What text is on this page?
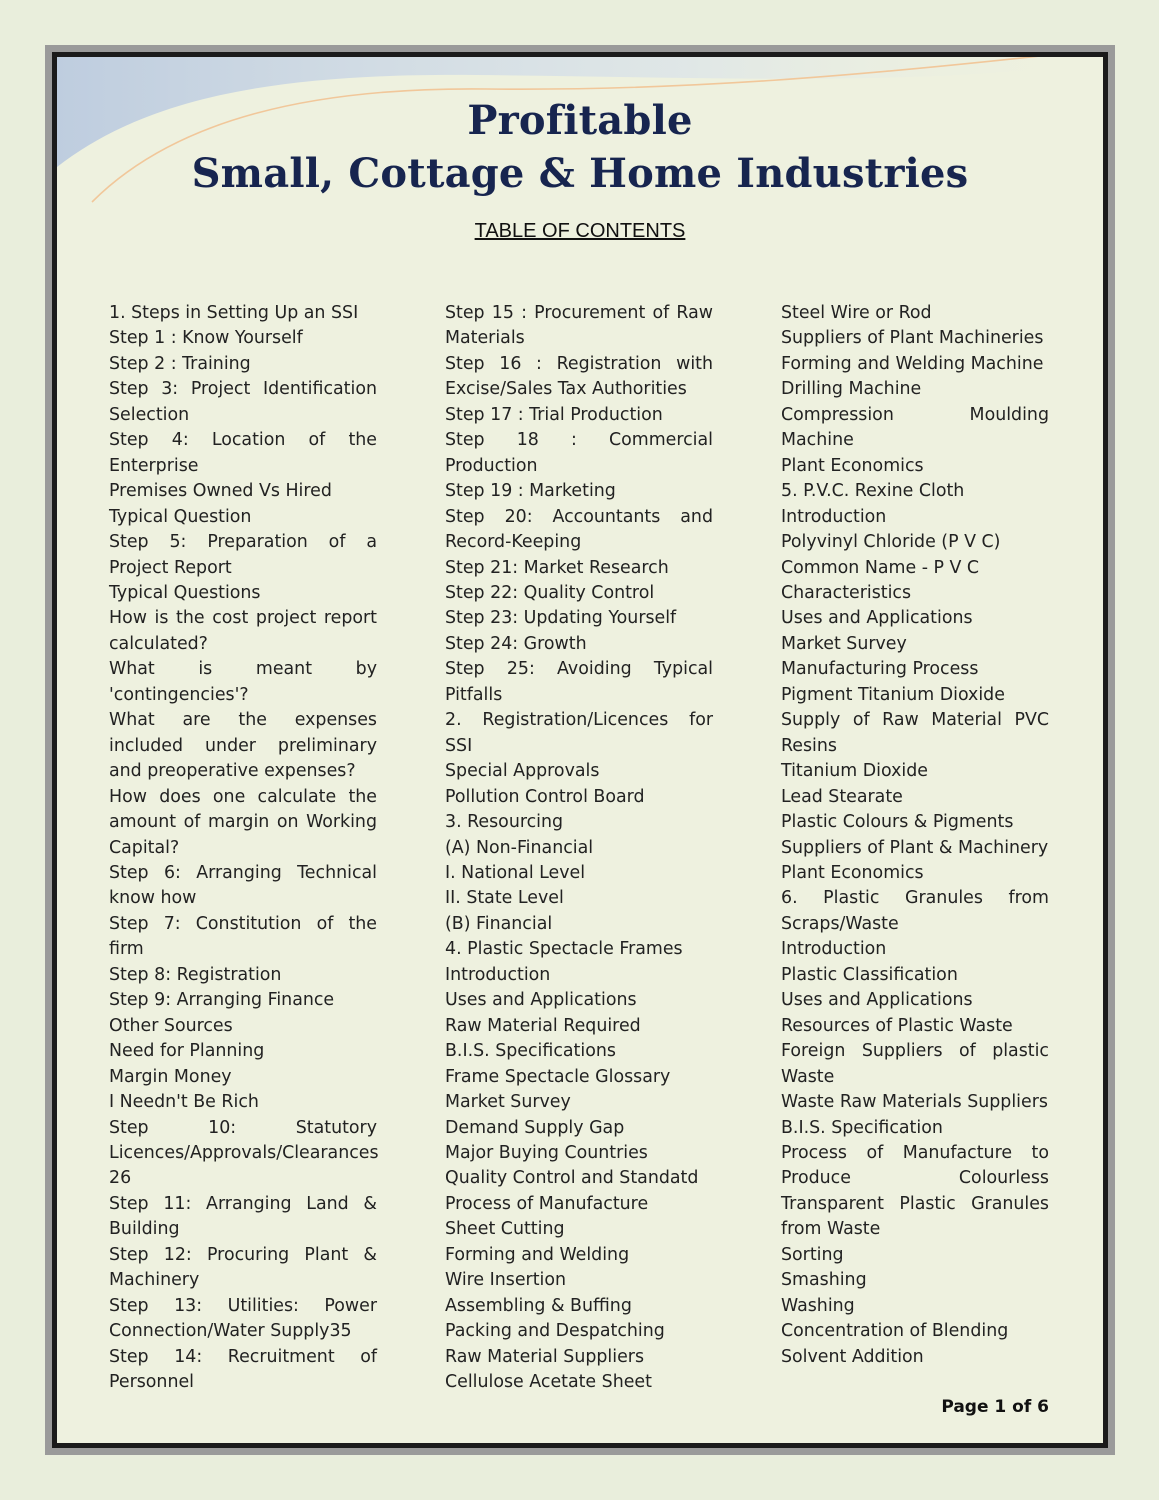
Profitable
Small, Cottage & Home Industries
TABLE OF CONTENTS
1. Steps in Setting Up an SSI
Step 1 : Know Yourself
Step 2 : Training
Step 3: Project Identification Selection
Step 4: Location of the Enterprise
Premises Owned Vs Hired
Typical Question
Step 5: Preparation of a Project Report
Typical Questions
How is the cost project report calculated?
What is meant by 'contingencies'?
What are the expenses included under preliminary and preoperative expenses?
How does one calculate the amount of margin on Working Capital?
Step 6: Arranging Technical know how
Step 7: Constitution of the firm
Step 8: Registration
Step 9: Arranging Finance
Other Sources
Need for Planning
Margin Money
I Needn't Be Rich
Step 10: Statutory Licences/Approvals/Clearances 26
Step 11: Arranging Land & Building
Step 12: Procuring Plant & Machinery
Step 13: Utilities: Power Connection/Water Supply35
Step 14: Recruitment of Personnel
Step 15 : Procurement of Raw Materials
Step 16 : Registration with Excise/Sales Tax Authorities
Step 17 : Trial Production
Step 18 : Commercial Production
Step 19 : Marketing
Step 20: Accountants and Record-Keeping
Step 21: Market Research
Step 22: Quality Control
Step 23: Updating Yourself
Step 24: Growth
Step 25: Avoiding Typical Pitfalls
2. Registration/Licences for SSI
Special Approvals
Pollution Control Board
3. Resourcing
(A) Non-Financial
I. National Level
II. State Level
(B) Financial
4. Plastic Spectacle Frames
Introduction
Uses and Applications
Raw Material Required
B.I.S. Specifications
Frame Spectacle Glossary
Market Survey
Demand Supply Gap
Major Buying Countries
Quality Control and Standatd
Process of Manufacture
Sheet Cutting
Forming and Welding
Wire Insertion
Assembling & Buffing
Packing and Despatching
Raw Material Suppliers
Cellulose Acetate Sheet
Steel Wire or Rod
Suppliers of Plant Machineries
Forming and Welding Machine
Drilling Machine
Compression Moulding Machine
Plant Economics
5. P.V.C. Rexine Cloth
Introduction
Polyvinyl Chloride (P V C)
Common Name - P V C
Characteristics
Uses and Applications
Market Survey
Manufacturing Process
Pigment Titanium Dioxide
Supply of Raw Material PVC Resins
Titanium Dioxide
Lead Stearate
Plastic Colours & Pigments
Suppliers of Plant & Machinery
Plant Economics
6. Plastic Granules from Scraps/Waste
Introduction
Plastic Classification
Uses and Applications
Resources of Plastic Waste
Foreign Suppliers of plastic Waste
Waste Raw Materials Suppliers
B.I.S. Specification
Process of Manufacture to Produce Colourless Transparent Plastic Granules from Waste
Sorting
Smashing
Washing
Concentration of Blending
Solvent Addition
Page 1 of 6
